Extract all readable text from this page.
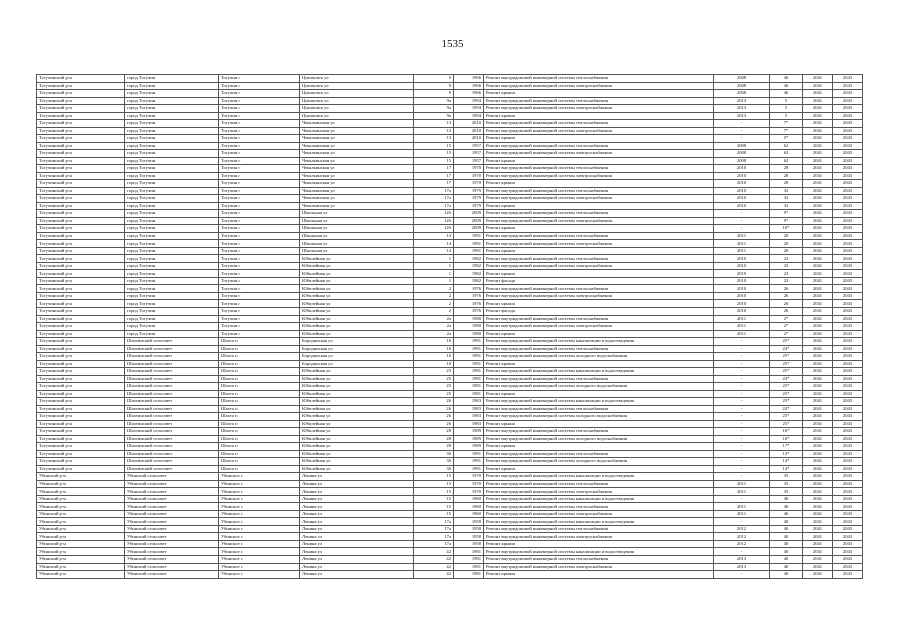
1535
Тогучинский р-н	город Тогучин	Тогучин г	Циолковск ул	9	1966	Ремонт внутридомовой инженерной системы теплоснабжения	2008	46	2041	2043
Тогучинский р-н	город Тогучин	Тогучин г	Циолковск ул	9	1966	Ремонт внутридомовой инженерной системы электроснабжения	2008	46	2041	2043
Тогучинский р-н	город Тогучин	Тогучин г	Циолковск ул	9	1966	Ремонт крыши	2008	46	2041	2043
Тогучинский р-н	город Тогучин	Тогучин г	Циолковск ул	9а	1994	Ремонт внутридомовой инженерной системы теплоснабжения	2013	5	2041	2043
Тогучинский р-н	город Тогучин	Тогучин г	Циолковск ул	9а	1994	Ремонт внутридомовой инженерной системы электроснабжения	2013	5	2041	2043
Тогучинский р-н	город Тогучин	Тогучин г	Циолковск ул	9а	1994	Ремонт крыши	2013	5	2041	2043
Тогучинский р-н	город Тогучин	Тогучин г	Чекалкинская ул	13	2010	Ремонт внутридомовой инженерной системы теплоснабжения	-	7*	2041	2043
Тогучинский р-н	город Тогучин	Тогучин г	Чекалкинская ул	13	2010	Ремонт внутридомовой инженерной системы электроснабжения	-	7*	2041	2043
Тогучинский р-н	город Тогучин	Тогучин г	Чекалкинская ул	13	2010	Ремонт крыши	-	5*	2041	2043
Тогучинский р-н	город Тогучин	Тогучин г	Чекалкинская ул	15	1957	Ремонт внутридомовой инженерной системы теплоснабжения	2008	62	2041	2043
Тогучинский р-н	город Тогучин	Тогучин г	Чекалкинская ул	15	1957	Ремонт внутридомовой инженерной системы электроснабжения	2008	62	2041	2043
Тогучинский р-н	город Тогучин	Тогучин г	Чекалкинская ул	15	1957	Ремонт крыши	2008	62	2041	2043
Тогучинский р-н	город Тогучин	Тогучин г	Чекалкинская ул	17	1970	Ремонт внутридомовой инженерной системы теплоснабжения	2010	28	2041	2043
Тогучинский р-н	город Тогучин	Тогучин г	Чекалкинская ул	17	1970	Ремонт внутридомовой инженерной системы электроснабжения	2010	28	2041	2043
Тогучинский р-н	город Тогучин	Тогучин г	Чекалкинская ул	17	1970	Ремонт крыши	2010	28	2041	2043
Тогучинский р-н	город Тогучин	Тогучин г	Чекалкинская ул	17а	1979	Ремонт внутридомовой инженерной системы теплоснабжения	2010	32	2041	2043
Тогучинский р-н	город Тогучин	Тогучин г	Чекалкинская ул	17а	1979	Ремонт внутридомовой инженерной системы электроснабжения	2010	32	2041	2043
Тогучинский р-н	город Тогучин	Тогучин г	Чекалкинская ул	17а	1979	Ремонт крыши	2010	32	2041	2043
Тогучинский р-н	город Тогучин	Тогучин г	Школьная ул	12б	2009	Ремонт внутридомовой инженерной системы теплоснабжения	-	9*	2041	2043
Тогучинский р-н	город Тогучин	Тогучин г	Школьная ул	12б	2009	Ремонт внутридомовой инженерной системы электроснабжения	-	9*	2041	2043
Тогучинский р-н	город Тогучин	Тогучин г	Школьная ул	12б	2009	Ремонт крыши	-	10*	2041	2043
Тогучинский р-н	город Тогучин	Тогучин г	Школьная ул	14	1991	Ремонт внутридомовой инженерной системы теплоснабжения	2011	20	2041	2043
Тогучинский р-н	город Тогучин	Тогучин г	Школьная ул	14	1991	Ремонт внутридомовой инженерной системы электроснабжения	2011	20	2041	2043
Тогучинский р-н	город Тогучин	Тогучин г	Школьная ул	14	1991	Ремонт крыши	2011	20	2041	2043
Тогучинский р-н	город Тогучин	Тогучин г	Юбилейная ул	1	1982	Ремонт внутридомовой инженерной системы теплоснабжения	2010	23	2041	2043
Тогучинский р-н	город Тогучин	Тогучин г	Юбилейная ул	1	1982	Ремонт внутридомовой инженерной системы электроснабжения	2010	23	2041	2043
Тогучинский р-н	город Тогучин	Тогучин г	Юбилейная ул	1	1982	Ремонт крыши	2010	23	2041	2043
Тогучинский р-н	город Тогучин	Тогучин г	Юбилейная ул	1	1982	Ремонт фасада	2010	23	2041	2043
Тогучинский р-н	город Тогучин	Тогучин г	Юбилейная ул	2	1976	Ремонт внутридомовой инженерной системы теплоснабжения	2010	26	2041	2043
Тогучинский р-н	город Тогучин	Тогучин г	Юбилейная ул	2	1976	Ремонт внутридомовой инженерной системы электроснабжения	2010	26	2041	2043
Тогучинский р-н	город Тогучин	Тогучин г	Юбилейная ул	2	1976	Ремонт крыши	2010	26	2041	2043
Тогучинский р-н	город Тогучин	Тогучин г	Юбилейная ул	2	1976	Ремонт фасада	2010	26	2041	2043
Тогучинский р-н	город Тогучин	Тогучин г	Юбилейная ул	2а	1980	Ремонт внутридомовой инженерной системы теплоснабжения	2011	2*	2041	2043
Тогучинский р-н	город Тогучин	Тогучин г	Юбилейная ул	2а	1980	Ремонт внутридомовой инженерной системы электроснабжения	2011	2*	2041	2043
Тогучинский р-н	город Тогучин	Тогучин г	Юбилейная ул	2а	1980	Ремонт крыши	2011	2*	2041	2043
Тогучинский р-н	Шахтинский сельсовет	Шахта п	Бородинская ул	10	1991	Ремонт внутридомовой инженерной системы канализации и водоотведения	-	25*	2041	2043
Тогучинский р-н	Шахтинский сельсовет	Шахта п	Бородинская ул	10	1991	Ремонт внутридомовой инженерной системы теплоснабжения	-	24*	2041	2043
Тогучинский р-н	Шахтинский сельсовет	Шахта п	Бородинская ул	10	1991	Ремонт внутридомовой инженерной системы холодного водоснабжения	-	25*	2041	2043
Тогучинский р-н	Шахтинский сельсовет	Шахта п	Бородинская ул	10	1991	Ремонт крыши	-	25*	2041	2043
Тогучинский р-н	Шахтинский сельсовет	Шахта п	Юбилейная ул	25	1981	Ремонт внутридомовой инженерной системы канализации и водоотведения	-	25*	2041	2043
Тогучинский р-н	Шахтинский сельсовет	Шахта п	Юбилейная ул	25	1981	Ремонт внутридомовой инженерной системы теплоснабжения	-	24*	2041	2043
Тогучинский р-н	Шахтинский сельсовет	Шахта п	Юбилейная ул	25	1981	Ремонт внутридомовой инженерной системы холодного водоснабжения	-	25*	2041	2043
Тогучинский р-н	Шахтинский сельсовет	Шахта п	Юбилейная ул	25	1981	Ремонт крыши	-	25*	2041	2043
Тогучинский р-н	Шахтинский сельсовет	Шахта п	Юбилейная ул	26	1983	Ремонт внутридомовой инженерной системы канализации и водоотведения	-	25*	2041	2043
Тогучинский р-н	Шахтинский сельсовет	Шахта п	Юбилейная ул	26	1983	Ремонт внутридомовой инженерной системы теплоснабжения	-	24*	2041	2043
Тогучинский р-н	Шахтинский сельсовет	Шахта п	Юбилейная ул	26	1983	Ремонт внутридомовой инженерной системы холодного водоснабжения	-	25*	2041	2043
Тогучинский р-н	Шахтинский сельсовет	Шахта п	Юбилейная ул	26	1983	Ремонт крыши	-	25*	2041	2043
Тогучинский р-н	Шахтинский сельсовет	Шахта п	Юбилейная ул	28	1989	Ремонт внутридомовой инженерной системы теплоснабжения	-	16*	2041	2043
Тогучинский р-н	Шахтинский сельсовет	Шахта п	Юбилейная ул	28	1989	Ремонт внутридомовой инженерной системы холодного водоснабжения	-	16*	2041	2043
Тогучинский р-н	Шахтинский сельсовет	Шахта п	Юбилейная ул	28	1989	Ремонт крыши	-	17*	2041	2043
Тогучинский р-н	Шахтинский сельсовет	Шахта п	Юбилейная ул	30	1991	Ремонт внутридомовой инженерной системы теплоснабжения	-	13*	2041	2043
Тогучинский р-н	Шахтинский сельсовет	Шахта п	Юбилейная ул	30	1991	Ремонт внутридомовой инженерной системы холодного водоснабжения	-	14*	2041	2043
Тогучинский р-н	Шахтинский сельсовет	Шахта п	Юбилейная ул	30	1991	Ремонт крыши	-	14*	2041	2043
Убинский р-н	Убинский сельсовет	Убинское с	Ленина ул	15	1970	Ремонт внутридомовой инженерной системы канализации и водоотведения	-	35	2041	2043
Убинский р-н	Убинский сельсовет	Убинское с	Ленина ул	15	1970	Ремонт внутридомовой инженерной системы теплоснабжения	2011	35	2041	2043
Убинский р-н	Убинский сельсовет	Убинское с	Ленина ул	15	1970	Ремонт внутридомовой инженерной системы электроснабжения	2011	35	2041	2043
Убинский р-н	Убинский сельсовет	Убинское с	Ленина ул	15	1960	Ремонт внутридомовой инженерной системы канализации и водоотведения	-	46	2041	2043
Убинский р-н	Убинский сельсовет	Убинское с	Ленина ул	15	1960	Ремонт внутридомовой инженерной системы теплоснабжения	2011	46	2041	2043
Убинский р-н	Убинский сельсовет	Убинское с	Ленина ул	15	1960	Ремонт внутридомовой инженерной системы электроснабжения	2011	46	2041	2043
Убинский р-н	Убинский сельсовет	Убинское с	Ленина ул	17а	1958	Ремонт внутридомовой инженерной системы канализации и водоотведения	-	40	2041	2043
Убинский р-н	Убинский сельсовет	Убинское с	Ленина ул	17а	1958	Ремонт внутридомовой инженерной системы теплоснабжения	2012	40	2041	2043
Убинский р-н	Убинский сельсовет	Убинское с	Ленина ул	17а	1958	Ремонт внутридомовой инженерной системы электроснабжения	2012	40	2041	2043
Убинский р-н	Убинский сельсовет	Убинское с	Ленина ул	17а	1958	Ремонт крыши	2012	40	2041	2043
Убинский р-н	Убинский сельсовет	Убинское с	Ленина ул	42	1981	Ремонт внутридомовой инженерной системы канализации и водоотведения	-	40	2041	2043
Убинский р-н	Убинский сельсовет	Убинское с	Ленина ул	42	1981	Ремонт внутридомовой инженерной системы теплоснабжения	2013	40	2041	2043
Убинский р-н	Убинский сельсовет	Убинское с	Ленина ул	42	1981	Ремонт внутридомовой инженерной системы электроснабжения	2013	40	2041	2043
Убинский р-н	Убинский сельсовет	Убинское с	Ленина ул	42	1981	Ремонт крыши	-	40	2041	2043
